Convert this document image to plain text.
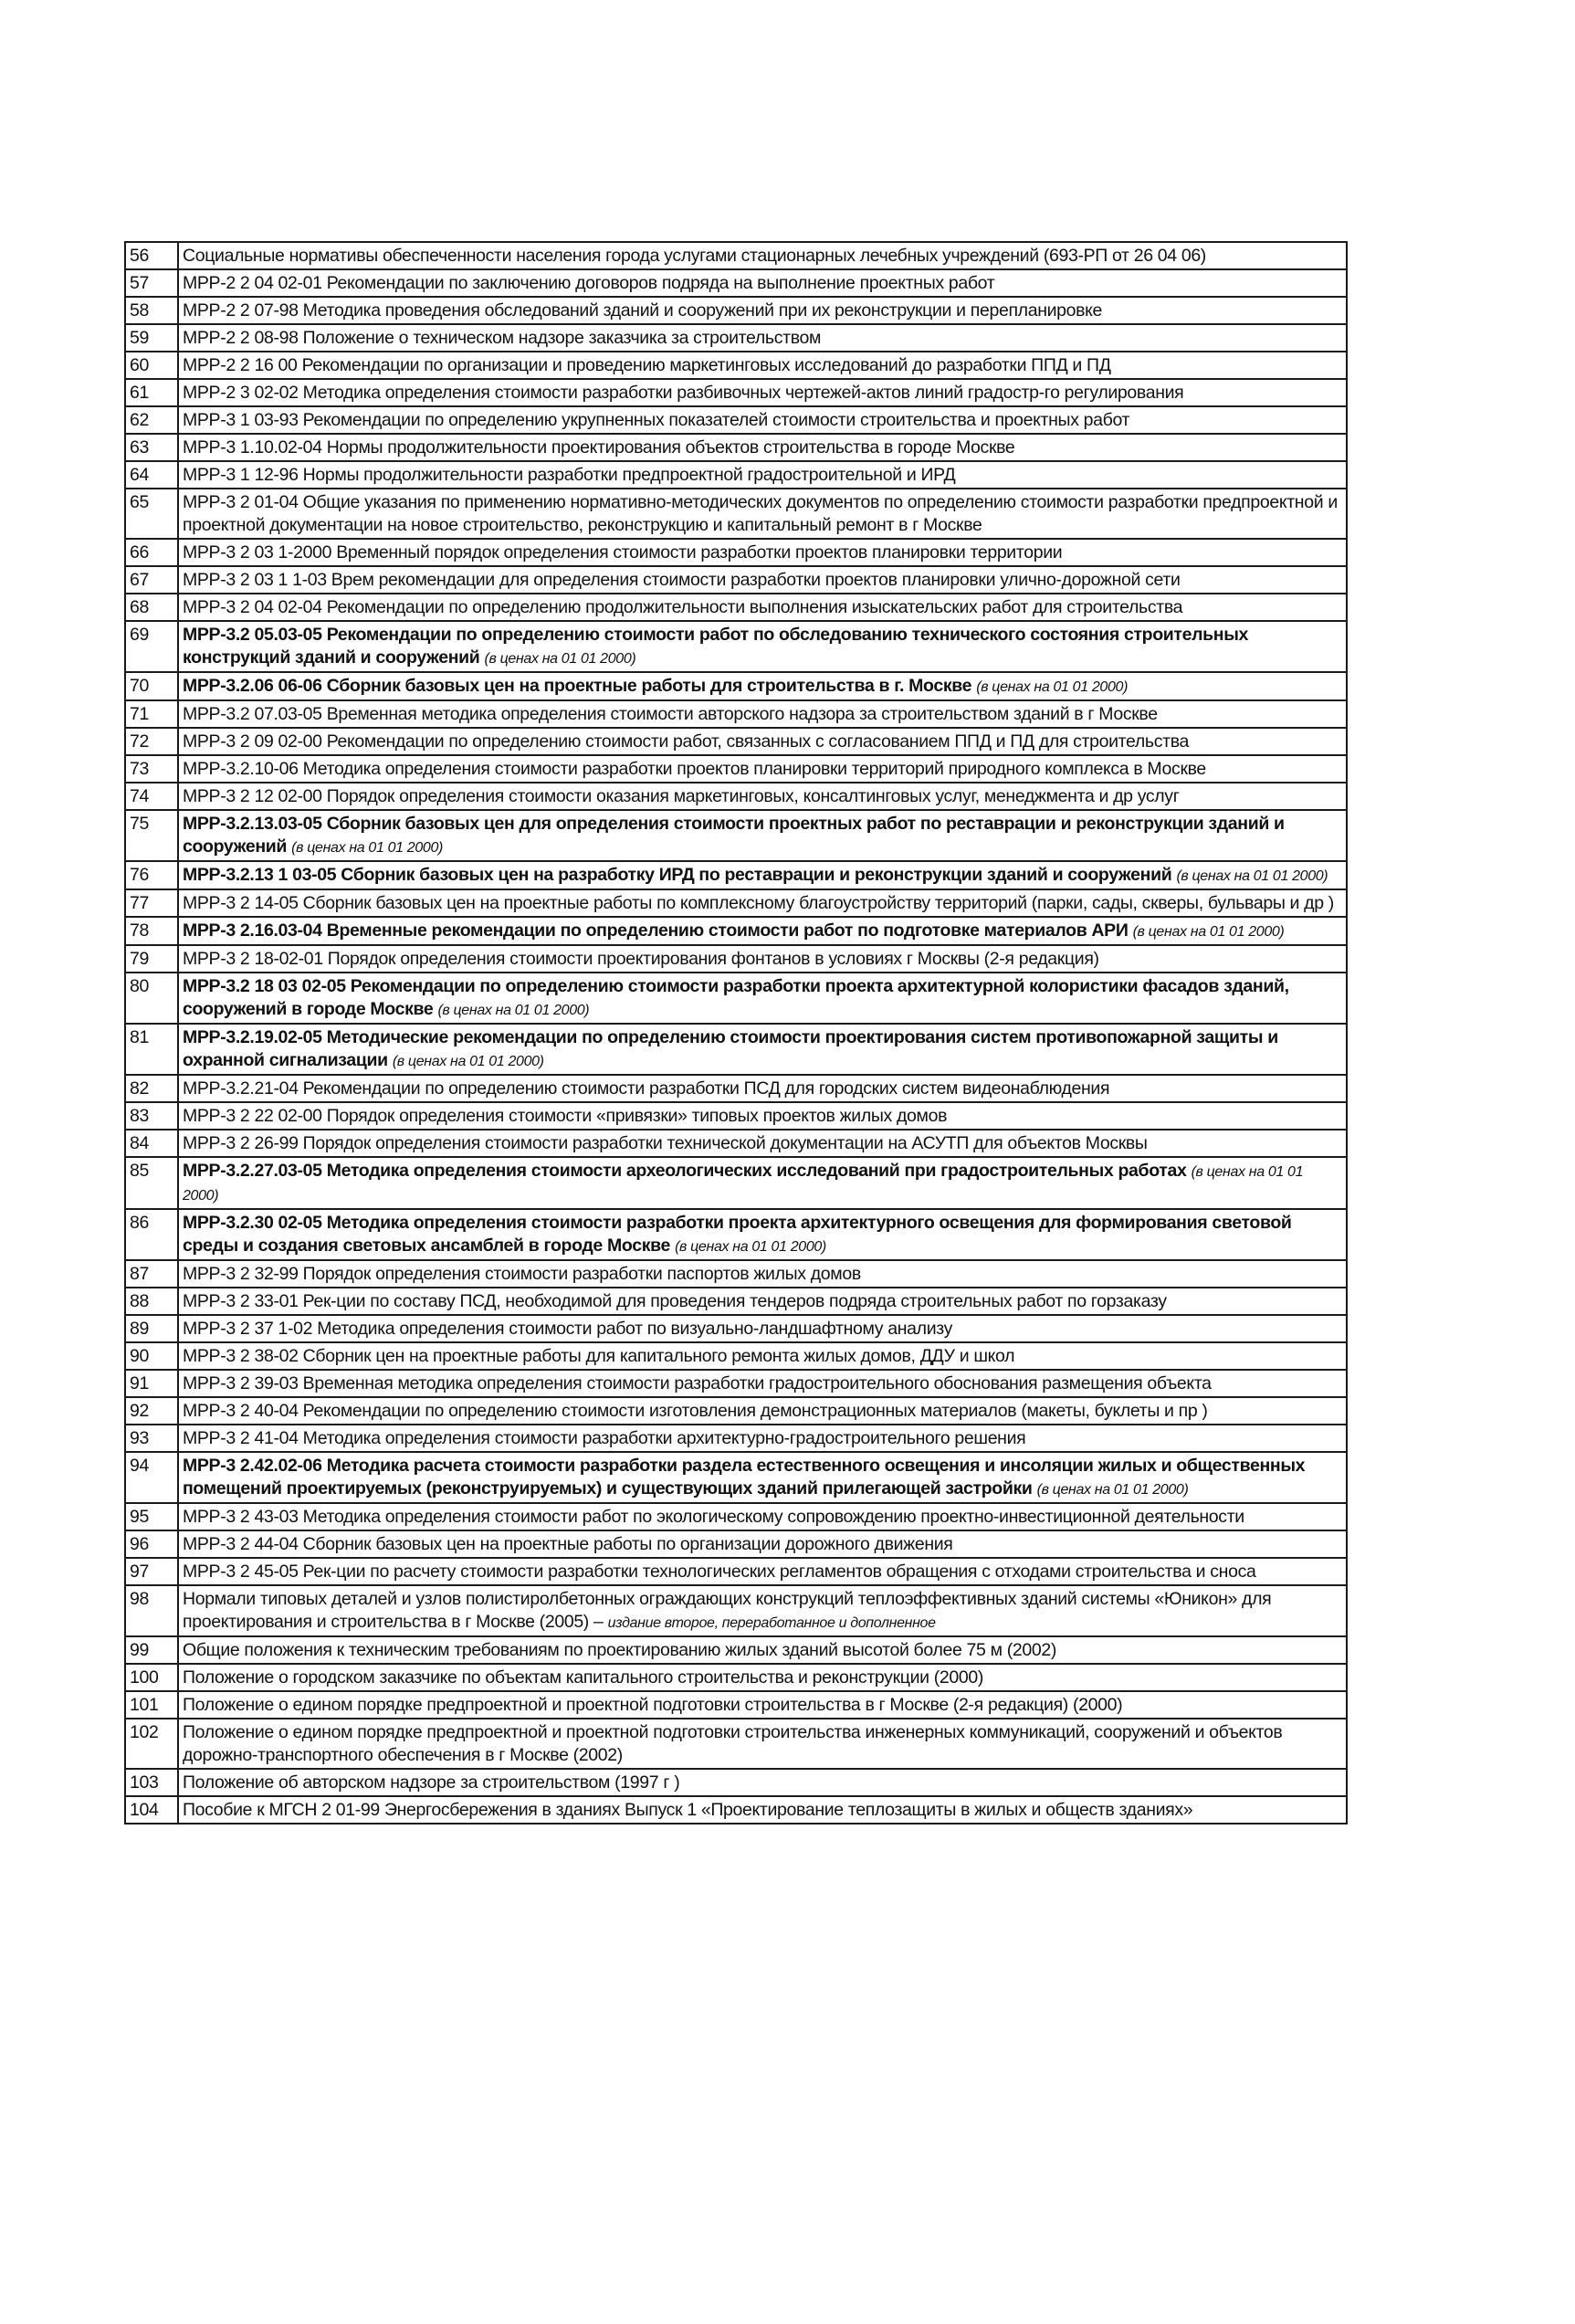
56	Социальные нормативы обеспеченности населения города услугами стационарных лечебных учреждений (693-РП от 26 04 06)
57	МРР-2 2 04 02-01 Рекомендации по заключению договоров подряда на выполнение проектных работ
58	МРР-2 2 07-98 Методика проведения обследований зданий и сооружений при их реконструкции и перепланировке
59	МРР-2 2 08-98 Положение о техническом надзоре заказчика за строительством
60	МРР-2 2 16 00 Рекомендации по организации и проведению маркетинговых исследований до разработки ППД и ПД
61	МРР-2 3 02-02 Методика определения стоимости разработки разбивочных чертежей-актов линий градостр-го регулирования
62	МРР-3 1 03-93 Рекомендации по определению укрупненных показателей стоимости строительства и проектных работ
63	МРР-3 1.10.02-04 Нормы продолжительности проектирования объектов строительства в городе Москве
64	МРР-3 1 12-96 Нормы продолжительности разработки предпроектной градостроительной и ИРД
65	МРР-3 2 01-04 Общие указания по применению нормативно-методических документов по определению стоимости разработки предпроектной и проектной документации на новое строительство, реконструкцию и капитальный ремонт в г Москве
66	МРР-3 2 03 1-2000 Временный порядок определения стоимости разработки проектов планировки территории
67	МРР-3 2 03 1 1-03 Врем рекомендации для определения стоимости разработки проектов планировки улично-дорожной сети
68	МРР-3 2 04 02-04 Рекомендации по определению продолжительности выполнения изыскательских работ для строительства
69	МРР-3.2 05.03-05 Рекомендации по определению стоимости работ по обследованию технического состояния строительных конструкций зданий и сооружений (в ценах на 01 01 2000)
70	МРР-3.2.06 06-06 Сборник базовых цен на проектные работы для строительства в г. Москве (в ценах на 01 01 2000)
71	МРР-3.2 07.03-05 Временная методика определения стоимости авторского надзора за строительством зданий в г Москве
72	МРР-3 2 09 02-00 Рекомендации по определению стоимости работ, связанных с согласованием ППД и ПД для строительства
73	МРР-3.2.10-06 Методика определения стоимости разработки проектов планировки территорий природного комплекса в Москве
74	МРР-3 2 12 02-00 Порядок определения стоимости оказания маркетинговых, консалтинговых услуг, менеджмента и др услуг
75	МРР-3.2.13.03-05 Сборник базовых цен для определения стоимости проектных работ по реставрации и реконструкции зданий и сооружений (в ценах на 01 01 2000)
76	МРР-3.2.13 1 03-05 Сборник базовых цен на разработку ИРД по реставрации и реконструкции зданий и сооружений (в ценах на 01 01 2000)
77	МРР-3 2 14-05 Сборник базовых цен на проектные работы по комплексному благоустройству территорий (парки, сады, скверы, бульвары и др )
78	МРР-3 2.16.03-04 Временные рекомендации по определению стоимости работ по подготовке материалов АРИ (в ценах на 01 01 2000)
79	МРР-3 2 18-02-01 Порядок определения стоимости проектирования фонтанов в условиях г Москвы (2-я редакция)
80	МРР-3.2 18 03 02-05 Рекомендации по определению стоимости разработки проекта архитектурной колористики фасадов зданий, сооружений в городе Москве (в ценах на 01 01 2000)
81	МРР-3.2.19.02-05 Методические рекомендации по определению стоимости проектирования систем противопожарной защиты и охранной сигнализации (в ценах на 01 01 2000)
82	МРР-3.2.21-04 Рекомендации по определению стоимости разработки ПСД для городских систем видеонаблюдения
83	МРР-3 2 22 02-00 Порядок определения стоимости «привязки» типовых проектов жилых домов
84	МРР-3 2 26-99 Порядок определения стоимости разработки технической документации на АСУТП для объектов Москвы
85	МРР-3.2.27.03-05 Методика определения стоимости археологических исследований при градостроительных работах (в ценах на 01 01 2000)
86	МРР-3.2.30 02-05 Методика определения стоимости разработки проекта архитектурного освещения для формирования световой среды и создания световых ансамблей в городе Москве (в ценах на 01 01 2000)
87	МРР-3 2 32-99 Порядок определения стоимости разработки паспортов жилых домов
88	МРР-3 2 33-01 Рек-ции по составу ПСД, необходимой для проведения тендеров подряда строительных работ по горзаказу
89	МРР-3 2 37 1-02 Методика определения стоимости работ по визуально-ландшафтному анализу
90	МРР-3 2 38-02 Сборник цен на проектные работы для капитального ремонта жилых домов, ДДУ и школ
91	МРР-3 2 39-03 Временная методика определения стоимости разработки градостроительного обоснования размещения объекта
92	МРР-3 2 40-04 Рекомендации по определению стоимости изготовления демонстрационных материалов (макеты, буклеты и пр )
93	МРР-3 2 41-04 Методика определения стоимости разработки архитектурно-градостроительного решения
94	МРР-3 2.42.02-06 Методика расчета стоимости разработки раздела естественного освещения и инсоляции жилых и общественных помещений проектируемых (реконструируемых) и существующих зданий прилегающей застройки (в ценах на 01 01 2000)
95	МРР-3 2 43-03 Методика определения стоимости работ по экологическому сопровождению проектно-инвестиционной деятельности
96	МРР-3 2 44-04 Сборник базовых цен на проектные работы по организации дорожного движения
97	МРР-3 2 45-05 Рек-ции по расчету стоимости разработки технологических регламентов обращения с отходами строительства и сноса
98	Нормали типовых деталей и узлов полистиролбетонных ограждающих конструкций теплоэффективных зданий системы «Юникон» для проектирования и строительства в г Москве (2005) – издание второе, переработанное и дополненное
99	Общие положения к техническим требованиям по проектированию жилых зданий высотой более 75 м (2002)
100	Положение о городском заказчике по объектам капитального строительства и реконструкции (2000)
101	Положение о едином порядке предпроектной и проектной подготовки строительства в г Москве (2-я редакция) (2000)
102	Положение о едином порядке предпроектной и проектной подготовки строительства инженерных коммуникаций, сооружений и объектов дорожно-транспортного обеспечения в г Москве (2002)
103	Положение об авторском надзоре за строительством (1997 г )
104	Пособие к МГСН 2 01-99 Энергосбережения в зданиях Выпуск 1 «Проектирование теплозащиты в жилых и обществ зданиях»
